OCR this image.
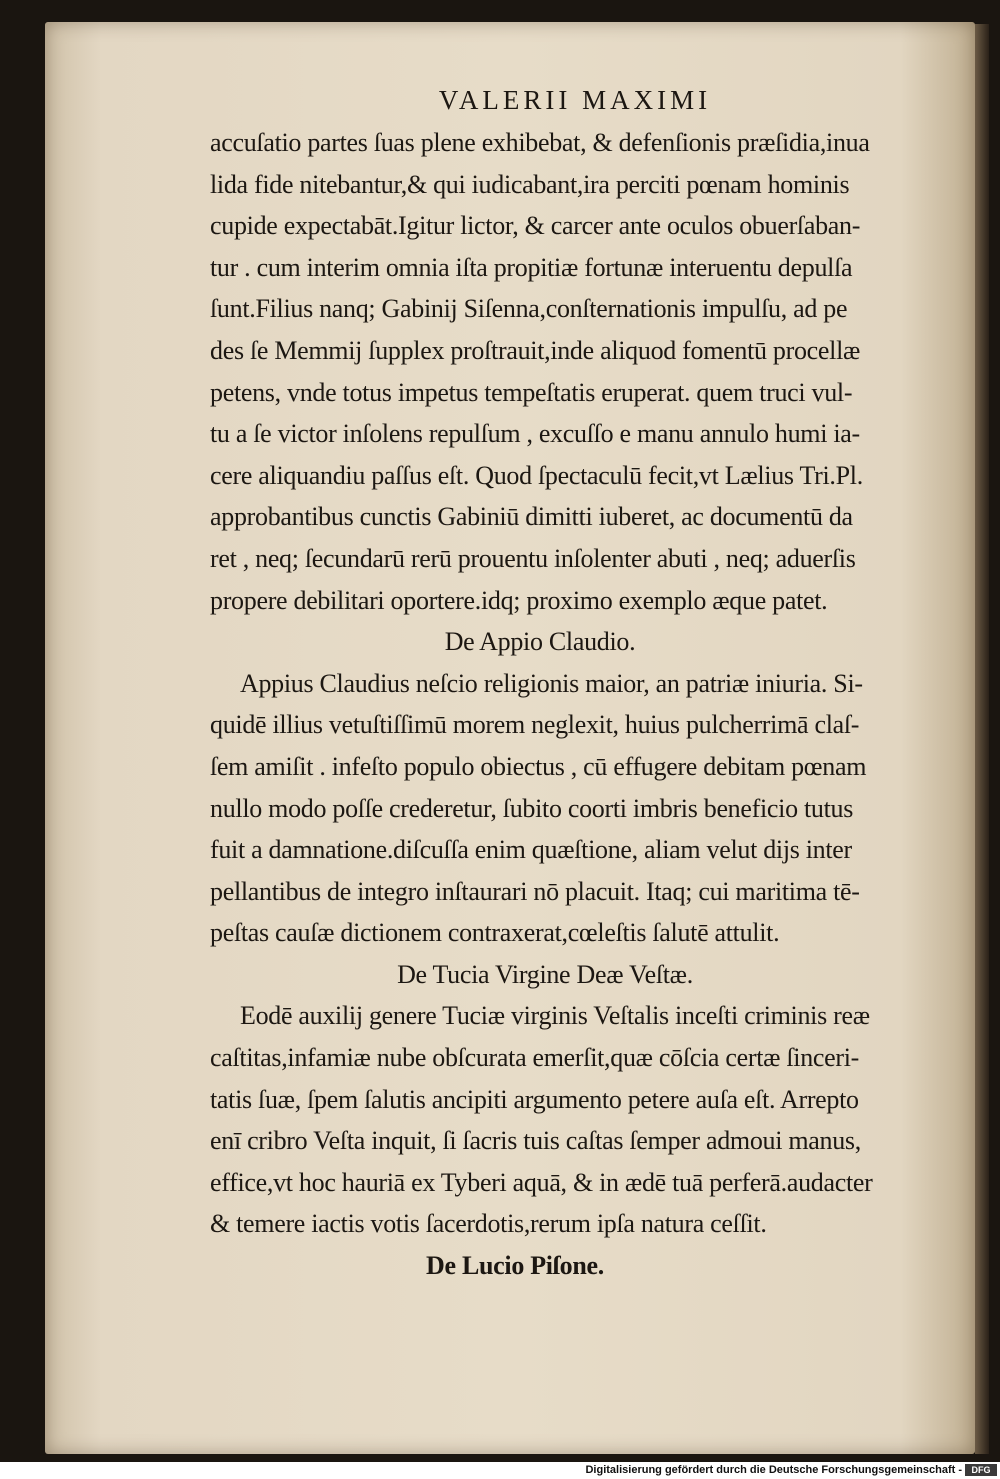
VALERII MAXIMI
accuſatio partes ſuas plene exhibebat, & defenſionis præſidia,inua
lida fide nitebantur,& qui iudicabant,ira perciti pœnam hominis
cupide expectabāt.Igitur lictor, & carcer ante oculos obuerſaban-
tur . cum interim omnia iſta propitiæ fortunæ interuentu depulſa
ſunt.Filius nanq; Gabinij Siſenna,conſternationis impulſu, ad pe
des ſe Memmij ſupplex proſtrauit,inde aliquod fomentū procellæ
petens, vnde totus impetus tempeſtatis eruperat. quem truci vul-
tu a ſe victor inſolens repulſum , excuſſo e manu annulo humi ia-
cere aliquandiu paſſus eſt. Quod ſpectaculū fecit,vt Lælius Tri.Pl.
approbantibus cunctis Gabiniū dimitti iuberet, ac documentū da
ret , neq; ſecundarū rerū prouentu inſolenter abuti , neq; aduerſis
propere debilitari oportere.idq; proximo exemplo æque patet.
De Appio Claudio.
Appius Claudius neſcio religionis maior, an patriæ iniuria. Si-
quidē illius vetuſtiſſimū morem neglexit, huius pulcherrimā claſ-
ſem amiſit . infeſto populo obiectus , cū effugere debitam pœnam
nullo modo poſſe crederetur, ſubito coorti imbris beneficio tutus
fuit a damnatione.diſcuſſa enim quæſtione, aliam velut dijs inter
pellantibus de integro inſtaurari nō placuit. Itaq; cui maritima tē-
peſtas cauſæ dictionem contraxerat,cœleſtis ſalutē attulit.
De Tucia Virgine Deæ Veſtæ.
Eodē auxilij genere Tuciæ virginis Veſtalis inceſti criminis reæ
caſtitas,infamiæ nube obſcurata emerſit,quæ cōſcia certæ ſinceri-
tatis ſuæ, ſpem ſalutis ancipiti argumento petere auſa eſt. Arrepto
enī cribro Veſta inquit, ſi ſacris tuis caſtas ſemper admoui manus,
effice,vt hoc hauriā ex Tyberi aquā, & in ædē tuā perferā.audacter
& temere iactis votis ſacerdotis,rerum ipſa natura ceſſit.
De Lucio Piſone.
Digitalisierung gefördert durch die Deutsche Forschungsgemeinschaft -	DFG
